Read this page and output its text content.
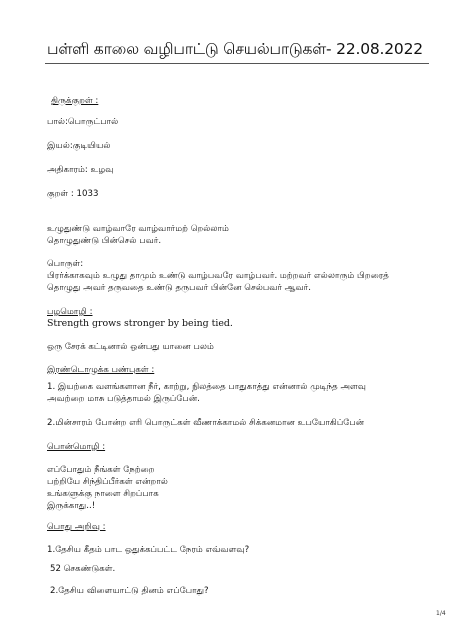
பள்ளி காலை வழிபாட்டு செயல்பாடுகள்- 22.08.2022
திருக்குறள் :
பால்:பொருட்பால்
இயல்:குடியியல்
அதிகாரம்: உழவு
குறள் : 1033
உழுதுண்டு வாழ்வாரே வாழ்வார்மற் றெல்லாம்
தொழுதுண்டு பின்செல் பவர்.
பொருள்:
பிரர்க்காகவும் உழுது தாமும் உண்டு வாழ்பவரே வாழ்பவர். மற்றவர் எல்லாரும் பிறரைத்
தொழுது அவர் தருவதை உண்டு தருபவர் பின்னே செல்பவர் ஆவர்.
பழமொழி :
Strength grows stronger by being tied.
ஒரு சேரக் கட்டினால் ஒன்பது யானை பலம்
இரண்டொழுக்க பண்புகள் :
1. இயற்கை வளங்களான நீர், காற்று, நிலத்தை பாதுகாத்து என்னால் முடிந்த அளவு
அவற்றை மாசு படுத்தாமல் இருப்பேன்.
2.மின்சாரம் போன்ற எரி பொருட்கள் வீணாக்காமல் சிக்கனமான உபயோகிப்பேன்
பொன்மொழி :
எப்போதும் நீங்கள் நேற்றை
பற்றியே சிந்திப்பீர்கள் என்றால்
உங்களுக்கு நாளை சிறப்பாக
இருக்காது..!
பொது அறிவு :
1.தேசிய கீதம் பாட ஒதுக்கப்பட்ட நேரம் எவ்வளவு?
52 செகண்டுகள்.
2.தேசிய விளையாட்டு தினம் எப்போது?
1/4
